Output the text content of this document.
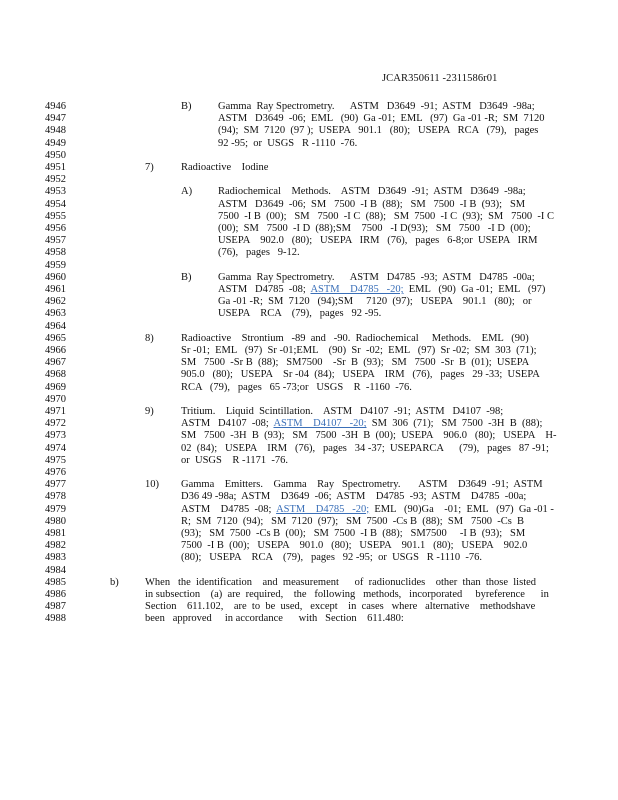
JCAR350611 -2311586r01
4946	B)	Gamma  Ray Spectrometry.      ASTM   D3649  -91;  ASTM   D3649  -98a;
4947	ASTM   D3649  -06;  EML   (90)  Ga -01;  EML   (97)  Ga -01 -R;  SM  7120
4948	(94);  SM  7120  (97 );  USEPA   901.1   (80);   USEPA   RCA   (79),   pages
4949	92 -95;  or  USGS   R -1110  -76.
4950
4951	7)	Radioactive    Iodine
4952
4953	A) Radiochemical    Methods.    ASTM   D3649  -91;  ASTM   D3649  -98a;
4954	ASTM   D3649  -06;  SM   7500  -I B  (88);   SM   7500  -I B  (93);   SM
4955	7500  -I B  (00);   SM   7500  -I C  (88);   SM  7500  -I C  (93);  SM   7500  -I C
4956	(00);  SM   7500  -I D  (88);SM    7500   -I D(93);   SM   7500   -I D  (00);
4957	USEPA    902.0   (80);   USEPA   IRM   (76),   pages   6-8;or  USEPA   IRM
4958	(76),   pages   9-12.
4959
4960	B)	Gamma  Ray Spectrometry.      ASTM   D4785  -93;  ASTM   D4785  -00a;
4961	ASTM   D4785  -08;  ASTM    D4785   -20;  EML   (90)  Ga -01;  EML   (97)
4962	Ga -01 -R;  SM  7120   (94);SM     7120  (97);   USEPA    901.1   (80);   or
4963	USEPA    RCA    (79),   pages   92 -95.
4964
4965	8)	Radioactive    Strontium   -89  and   -90.  Radiochemical     Methods.    EML   (90)
4966	Sr -01;  EML   (97)  Sr -01;EML    (90)  Sr  -02;  EML   (97)  Sr -02;  SM  303  (71);
4967	SM   7500  -Sr B  (88);   SM7500    -Sr  B  (93);   SM   7500  -Sr  B  (01);  USEPA
4968	905.0   (80);   USEPA    Sr -04  (84);   USEPA    IRM   (76),   pages   29 -33;  USEPA
4969	RCA   (79),   pages   65 -73;or   USGS    R  -1160  -76.
4970
4971	9)	Tritium.    Liquid  Scintillation.    ASTM   D4107  -91;  ASTM   D4107  -98;
4972	ASTM   D4107  -08;  ASTM    D4107   -20;  SM  306  (71);   SM  7500  -3H  B  (88);
4973	SM   7500  -3H  B  (93);   SM   7500  -3H  B  (00);  USEPA    906.0   (80);   USEPA    H-
4974	02  (84);   USEPA    IRM   (76),   pages   34 -37;  USEPARCA      (79),   pages   87 -91;
4975	or  USGS    R -1171  -76.
4976
4977	10) Gamma    Emitters.    Gamma    Ray   Spectrometry.       ASTM    D3649  -91;  ASTM
4978	D36 49 -98a;  ASTM    D3649  -06;  ASTM    D4785  -93;  ASTM    D4785  -00a;
4979	ASTM    D4785  -08;  ASTM    D4785   -20;  EML   (90)Ga    -01;  EML   (97)  Ga -01 -
4980	R;  SM  7120  (94);   SM  7120  (97);   SM  7500  -Cs B  (88);  SM   7500  -Cs  B
4981	(93);   SM  7500  -Cs B  (00);   SM  7500  -I B  (88);   SM7500     -I B  (93);   SM
4982	7500  -I B  (00);   USEPA    901.0   (80);   USEPA    901.1   (80);   USEPA    902.0
4983	(80);   USEPA    RCA    (79),   pages   92 -95;  or  USGS   R -1110  -76.
4984
4985	b)	When   the  identification    and  measurement      of  radionuclides    other  than  those  listed
4986	in subsection    (a)  are  required,    the   following   methods,   incorporated     byreference      in
4987	Section    611.102,    are  to  be  used,   except    in  cases   where   alternative    methodshave
4988	been   approved     in accordance      with   Section    611.480:
